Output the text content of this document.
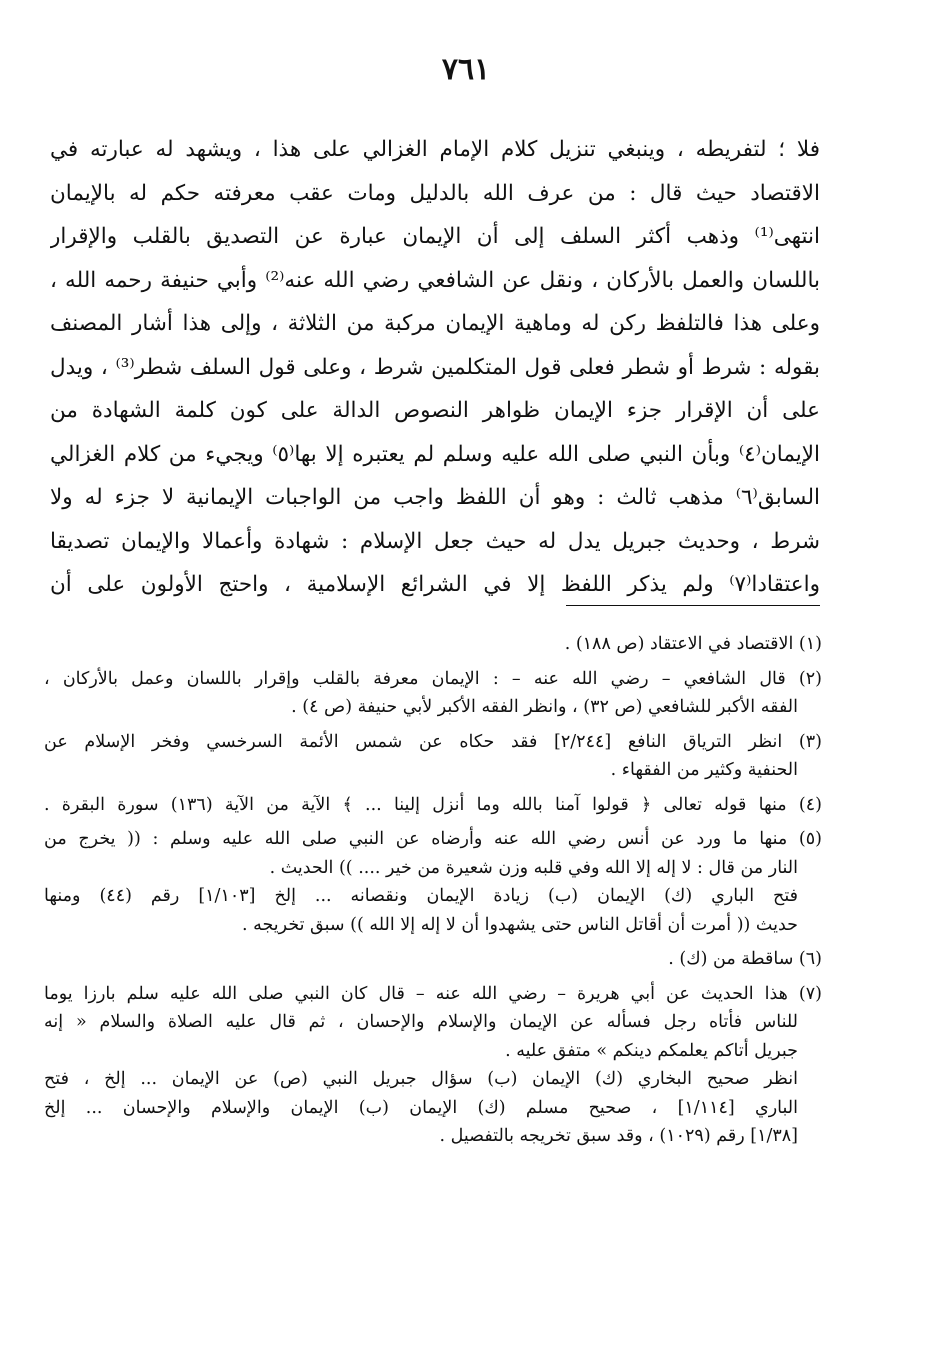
٧٦١
فلا ؛ لتفريطه ، وينبغي تنزيل كلام الإمام الغزالي على هذا ، ويشهد له عبارته في
الاقتصاد حيث قال : من عرف الله بالدليل ومات عقب معرفته حكم له بالإيمان
انتهى⁽¹⁾ وذهب أكثر السلف إلى أن الإيمان عبارة عن التصديق بالقلب والإقرار
باللسان والعمل بالأركان ، ونقل عن الشافعي رضي الله عنه⁽²⁾ وأبي حنيفة رحمه الله ،
وعلى هذا فالتلفظ ركن له وماهية الإيمان مركبة من الثلاثة ، وإلى هذا أشار المصنف
بقوله : شرط أو شطر فعلى قول المتكلمين شرط ، وعلى قول السلف شطر⁽³⁾ ، ويدل
على أن الإقرار جزء الإيمان ظواهر النصوص الدالة على كون كلمة الشهادة من
الإيمان⁽٤⁾ وبأن النبي صلى الله عليه وسلم لم يعتبره إلا بها⁽٥⁾ ويجيء من كلام الغزالي
السابق⁽٦⁾ مذهب ثالث : وهو أن اللفظ واجب من الواجبات الإيمانية لا جزء له ولا
شرط ، وحديث جبريل يدل له حيث جعل الإسلام : شهادة وأعمالا والإيمان تصديقا
واعتقادا⁽٧⁾ ولم يذكر اللفظ إلا في الشرائع الإسلامية ، واحتج الأولون على أن
(١) الاقتصاد في الاعتقاد (ص ١٨٨) .
(٢) قال الشافعي – رضي الله عنه – : الإيمان معرفة بالقلب وإقرار باللسان وعمل بالأركان ،
الفقه الأكبر للشافعي (ص ٣٢) ، وانظر الفقه الأكبر لأبي حنيفة (ص ٤) .
(٣) انظر الترياق النافع [٢/٢٤٤] فقد حكاه عن شمس الأئمة السرخسي وفخر الإسلام عن
الحنفية وكثير من الفقهاء .
(٤) منها قوله تعالى ﴿ قولوا آمنا بالله وما أنزل إلينا ... ﴾ الآية من الآية (١٣٦) سورة البقرة .
(٥) منها ما ورد عن أنس رضي الله عنه وأرضاه عن النبي صلى الله عليه وسلم : (( يخرج من
النار من قال : لا إله إلا الله وفي قلبه وزن شعيرة من خير .... )) الحديث .
فتح الباري (ك) الإيمان (ب) زيادة الإيمان ونقصانه ... إلخ [١/١٠٣] رقم (٤٤) ومنها
حديث (( أمرت أن أقاتل الناس حتى يشهدوا أن لا إله إلا الله )) سبق تخريجه .
(٦) ساقطة من (ك) .
(٧) هذا الحديث عن أبي هريرة – رضي الله عنه – قال كان النبي صلى الله عليه سلم بارزا يوما
للناس فأتاه رجل فسأله عن الإيمان والإسلام والإحسان ، ثم قال عليه الصلاة والسلام « إنه
جبريل أتاكم يعلمكم دينكم » متفق عليه .
انظر صحيح البخاري (ك) الإيمان (ب) سؤال جبريل النبي (ص) عن الإيمان ... إلخ ، فتح
الباري [١/١١٤] ، صحيح مسلم (ك) الإيمان (ب) الإيمان والإسلام والإحسان ... إلخ
[١/٣٨] رقم (١٠٢٩) ، وقد سبق تخريجه بالتفصيل .
